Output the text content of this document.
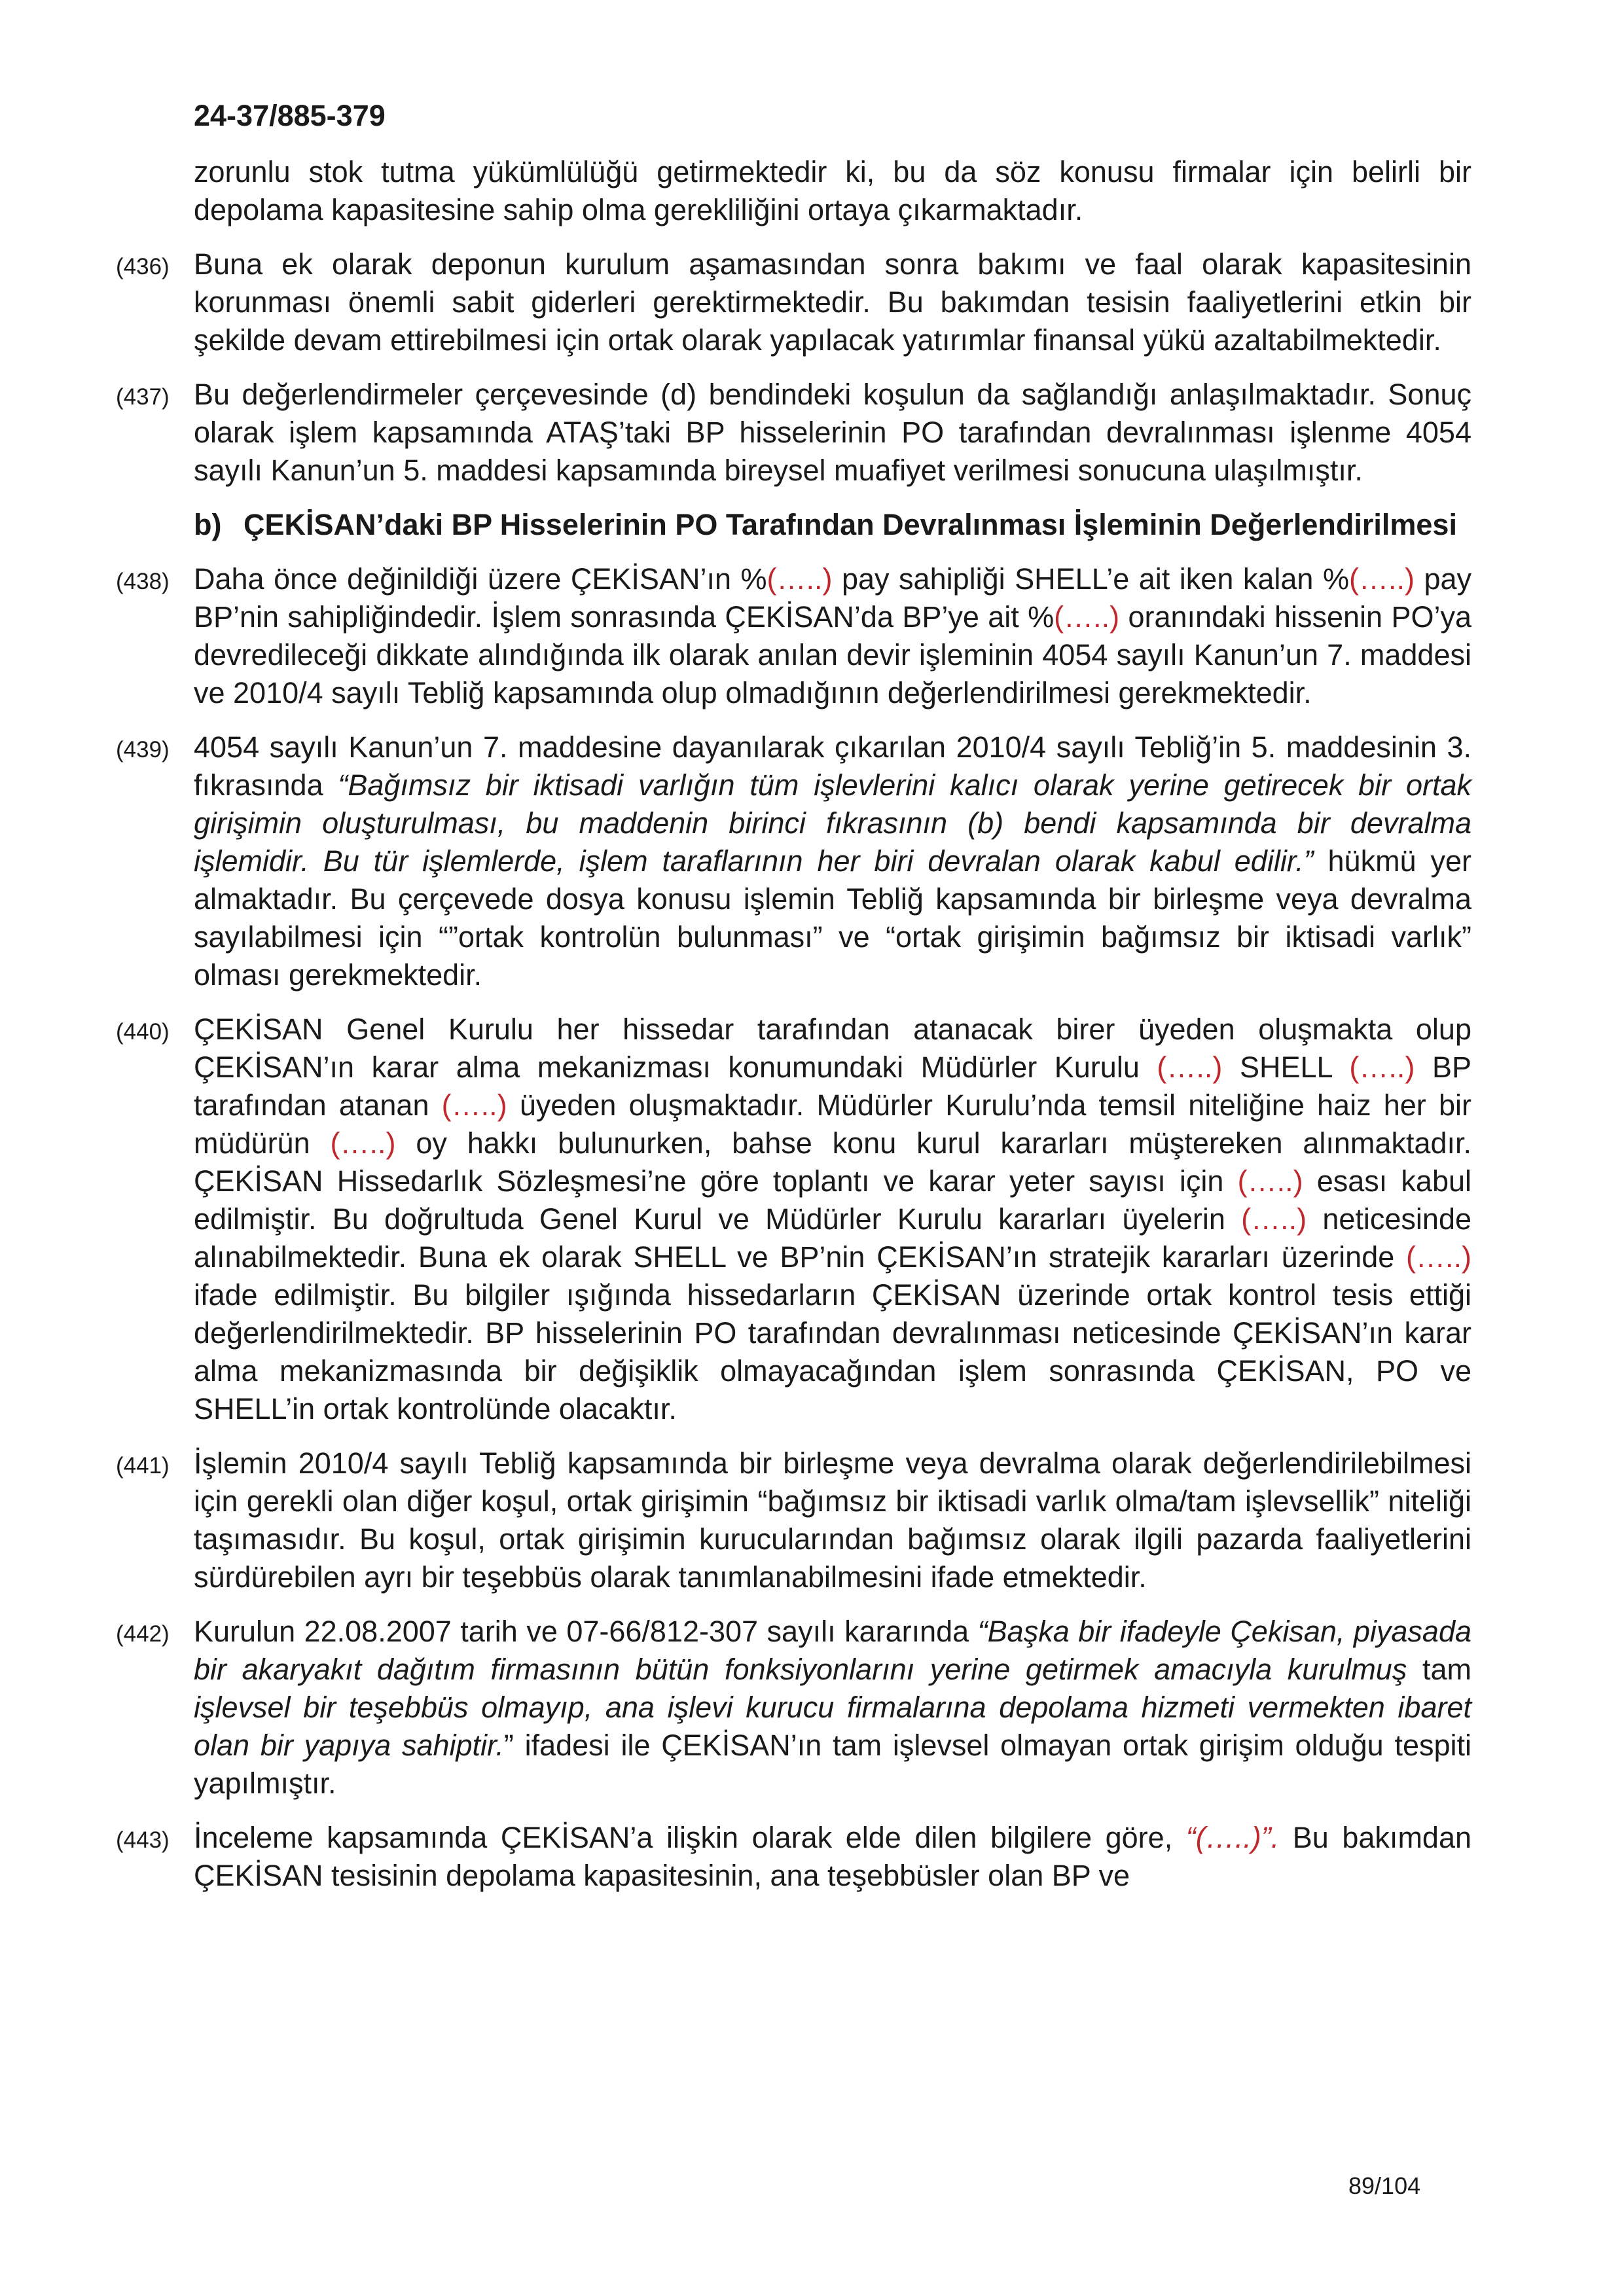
24-37/885-379

zorunlu stok tutma yükümlülüğü getirmektedir ki, bu da söz konusu firmalar için belirli bir depolama kapasitesine sahip olma gerekliliğini ortaya çıkarmaktadır.

(436) Buna ek olarak deponun kurulum aşamasından sonra bakımı ve faal olarak kapasitesinin korunması önemli sabit giderleri gerektirmektedir. Bu bakımdan tesisin faaliyetlerini etkin bir şekilde devam ettirebilmesi için ortak olarak yapılacak yatırımlar finansal yükü azaltabilmektedir.
(437) Bu değerlendirmeler çerçevesinde (d) bendindeki koşulun da sağlandığı anlaşılmaktadır. Sonuç olarak işlem kapsamında ATAŞ’taki BP hisselerinin PO tarafından devralınması işlenme 4054 sayılı Kanun’un 5. maddesi kapsamında bireysel muafiyet verilmesi sonucuna ulaşılmıştır.
b) ÇEKİSAN’daki BP Hisselerinin PO Tarafından Devralınması İşleminin Değerlendirilmesi
(438) Daha önce değinildiği üzere ÇEKİSAN’ın %(…..) pay sahipliği SHELL’e ait iken kalan %(…..) pay BP’nin sahipliğindedir. İşlem sonrasında ÇEKİSAN’da BP’ye ait %(…..) oranındaki hissenin PO’ya devredileceği dikkate alındığında ilk olarak anılan devir işleminin 4054 sayılı Kanun’un 7. maddesi ve 2010/4 sayılı Tebliğ kapsamında olup olmadığının değerlendirilmesi gerekmektedir.
(439) 4054 sayılı Kanun’un 7. maddesine dayanılarak çıkarılan 2010/4 sayılı Tebliğ’in 5. maddesinin 3. fıkrasında “Bağımsız bir iktisadi varlığın tüm işlevlerini kalıcı olarak yerine getirecek bir ortak girişimin oluşturulması, bu maddenin birinci fıkrasının (b) bendi kapsamında bir devralma işlemidir. Bu tür işlemlerde, işlem taraflarının her biri devralan olarak kabul edilir.” hükmü yer almaktadır. Bu çerçevede dosya konusu işlemin Tebliğ kapsamında bir birleşme veya devralma sayılabilmesi için “”ortak kontrolün bulunması” ve “ortak girişimin bağımsız bir iktisadi varlık” olması gerekmektedir.
(440) ÇEKİSAN Genel Kurulu her hissedar tarafından atanacak birer üyeden oluşmakta olup ÇEKİSAN’ın karar alma mekanizması konumundaki Müdürler Kurulu (…..) SHELL (…..) BP tarafından atanan (…..) üyeden oluşmaktadır. Müdürler Kurulu’nda temsil niteliğine haiz her bir müdürün (…..) oy hakkı bulunurken, bahse konu kurul kararları müştereken alınmaktadır. ÇEKİSAN Hissedarlık Sözleşmesi’ne göre toplantı ve karar yeter sayısı için (…..) esası kabul edilmiştir. Bu doğrultuda Genel Kurul ve Müdürler Kurulu kararları üyelerin (…..) neticesinde alınabilmektedir. Buna ek olarak SHELL ve BP’nin ÇEKİSAN’ın stratejik kararları üzerinde (…..) ifade edilmiştir. Bu bilgiler ışığında hissedarların ÇEKİSAN üzerinde ortak kontrol tesis ettiği değerlendirilmektedir. BP hisselerinin PO tarafından devralınması neticesinde ÇEKİSAN’ın karar alma mekanizmasında bir değişiklik olmayacağından işlem sonrasında ÇEKİSAN, PO ve SHELL’in ortak kontrolünde olacaktır.
(441) İşlemin 2010/4 sayılı Tebliğ kapsamında bir birleşme veya devralma olarak değerlendirilebilmesi için gerekli olan diğer koşul, ortak girişimin “bağımsız bir iktisadi varlık olma/tam işlevsellik” niteliği taşımasıdır. Bu koşul, ortak girişimin kurucularından bağımsız olarak ilgili pazarda faaliyetlerini sürdürebilen ayrı bir teşebbüs olarak tanımlanabilmesini ifade etmektedir.
(442) Kurulun 22.08.2007 tarih ve 07-66/812-307 sayılı kararında “Başka bir ifadeyle Çekisan, piyasada bir akaryakıt dağıtım firmasının bütün fonksiyonlarını yerine getirmek amacıyla kurulmuş tam işlevsel bir teşebbüs olmayıp, ana işlevi kurucu firmalarına depolama hizmeti vermekten ibaret olan bir yapıya sahiptir.” ifadesi ile ÇEKİSAN’ın tam işlevsel olmayan ortak girişim olduğu tespiti yapılmıştır.
(443) İnceleme kapsamında ÇEKİSAN’a ilişkin olarak elde dilen bilgilere göre, “(…..)”. Bu bakımdan ÇEKİSAN tesisinin depolama kapasitesinin, ana teşebbüsler olan BP ve
89/104
